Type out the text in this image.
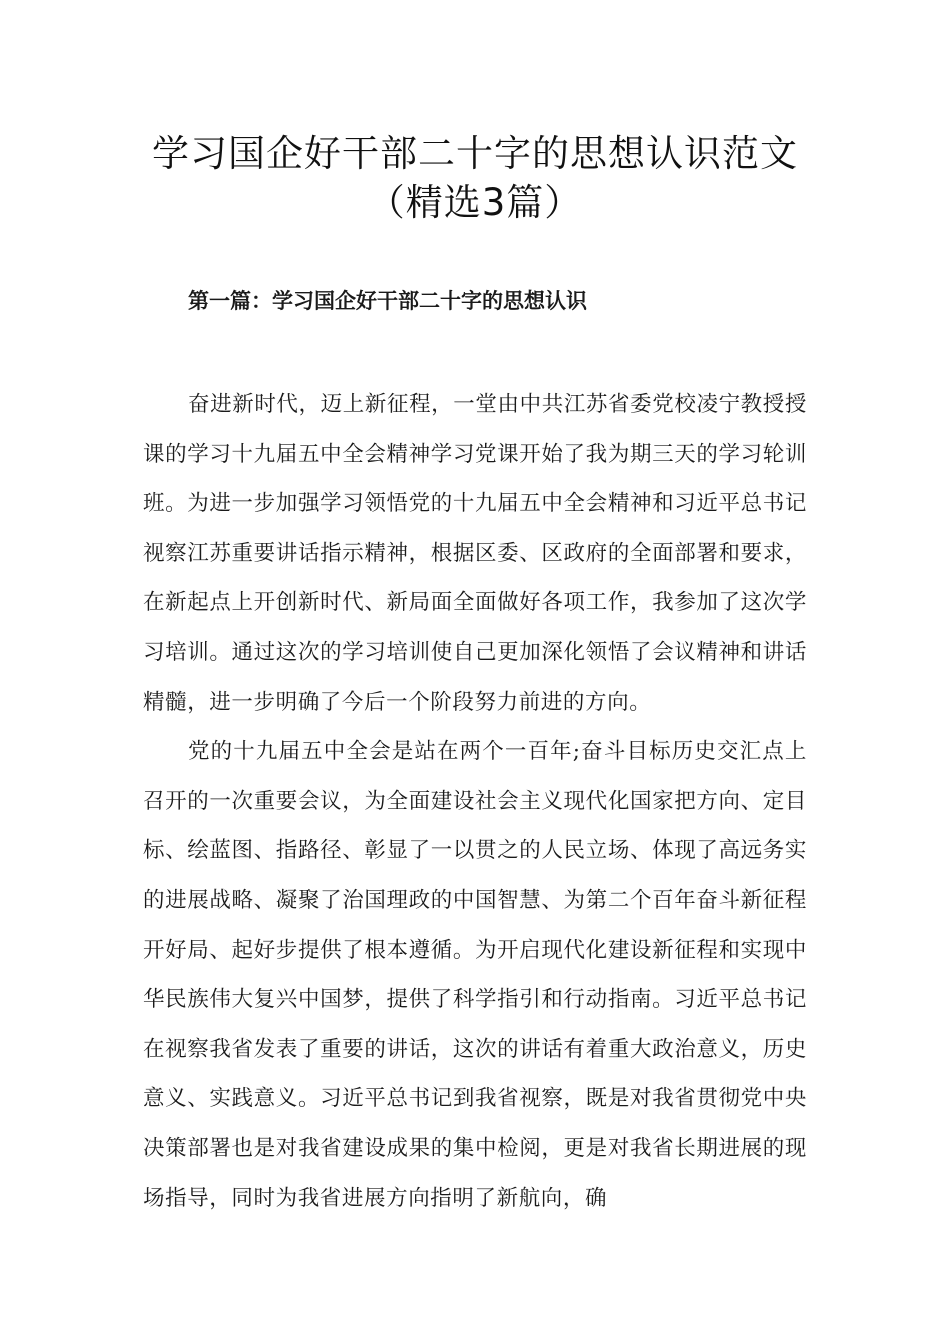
学习国企好干部二十字的思想认识范文
（精选3篇）
第一篇：学习国企好干部二十字的思想认识

奋进新时代，迈上新征程，一堂由中共江苏省委党校凌宁教授授课的学习十九届五中全会精神学习党课开始了我为期三天的学习轮训班。为进一步加强学习领悟党的十九届五中全会精神和习近平总书记视察江苏重要讲话指示精神，根据区委、区政府的全面部署和要求，在新起点上开创新时代、新局面全面做好各项工作，我参加了这次学习培训。通过这次的学习培训使自己更加深化领悟了会议精神和讲话精髓，进一步明确了今后一个阶段努力前进的方向。

党的十九届五中全会是站在两个一百年;奋斗目标历史交汇点上召开的一次重要会议，为全面建设社会主义现代化国家把方向、定目标、绘蓝图、指路径、彰显了一以贯之的人民立场、体现了高远务实的进展战略、凝聚了治国理政的中国智慧、为第二个百年奋斗新征程开好局、起好步提供了根本遵循。为开启现代化建设新征程和实现中华民族伟大复兴中国梦，提供了科学指引和行动指南。习近平总书记在视察我省发表了重要的讲话，这次的讲话有着重大政治意义，历史意义、实践意义。习近平总书记到我省视察，既是对我省贯彻党中央决策部署也是对我省建设成果的集中检阅，更是对我省长期进展的现场指导，同时为我省进展方向指明了新航向，确
